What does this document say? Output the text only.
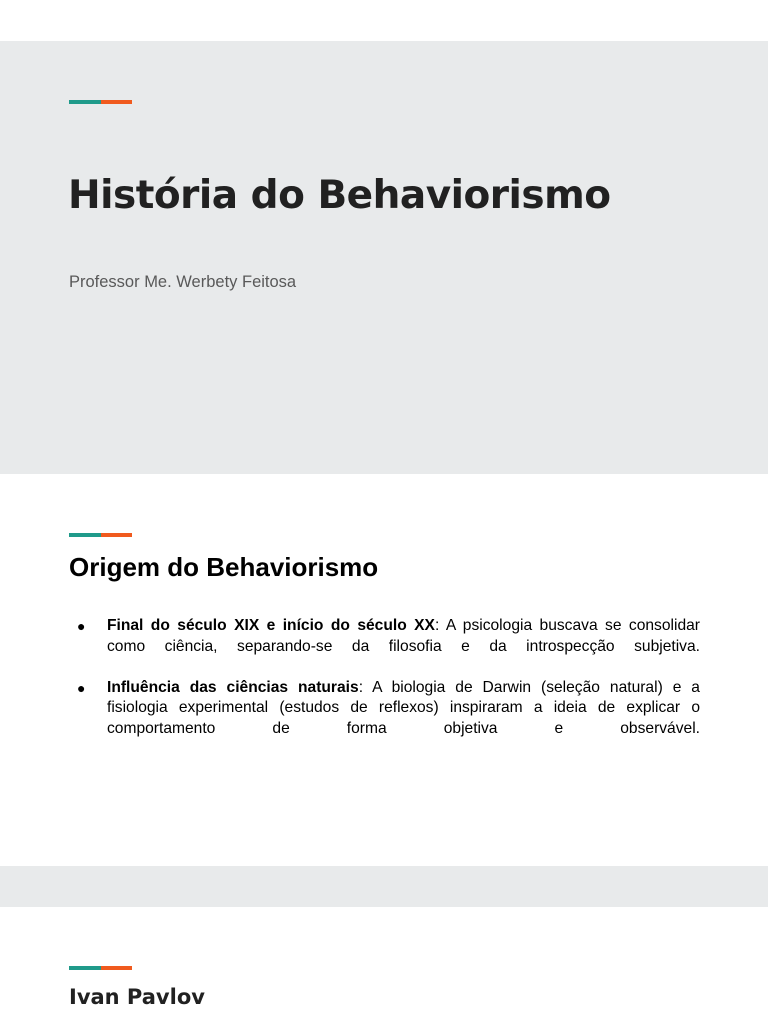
História do Behaviorismo
Professor Me. Werbety Feitosa
Origem do Behaviorismo
● Final do século XIX e início do século XX: A psicologia buscava se consolidar como ciência, separando-se da filosofia e da introspecção subjetiva.
● Influência das ciências naturais: A biologia de Darwin (seleção natural) e a fisiologia experimental (estudos de reflexos) inspiraram a ideia de explicar o comportamento de forma objetiva e observável.
Ivan Pavlov
